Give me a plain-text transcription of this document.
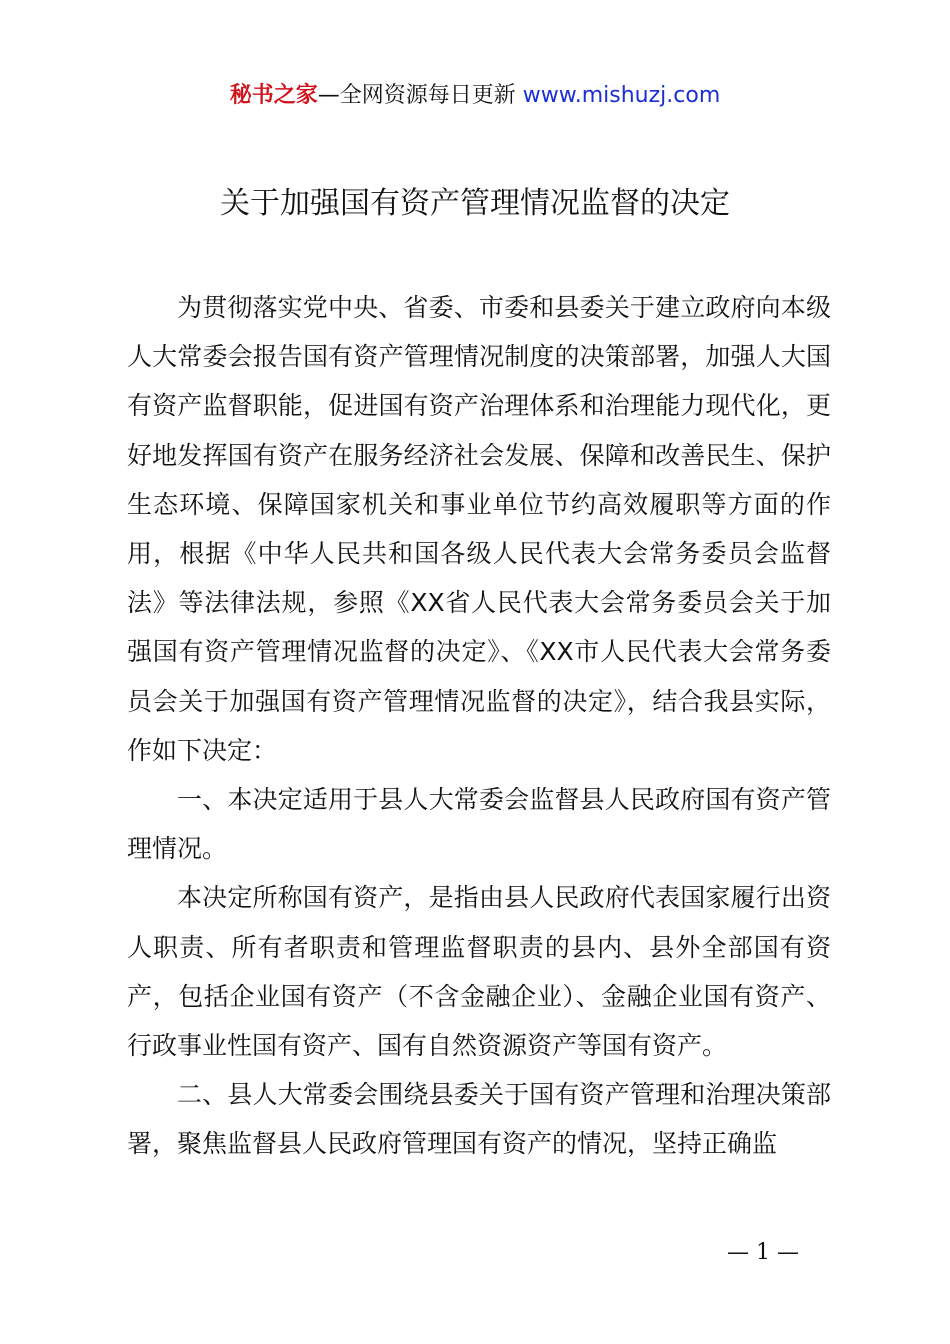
秘书之家—全网资源每日更新 www.mishuzj.com
关于加强国有资产管理情况监督的决定

为贯彻落实党中央、省委、市委和县委关于建立政府向本级人大常委会报告国有资产管理情况制度的决策部署，加强人大国有资产监督职能，促进国有资产治理体系和治理能力现代化，更好地发挥国有资产在服务经济社会发展、保障和改善民生、保护生态环境、保障国家机关和事业单位节约高效履职等方面的作用，根据《中华人民共和国各级人民代表大会常务委员会监督法》等法律法规，参照《XX省人民代表大会常务委员会关于加强国有资产管理情况监督的决定》、《XX市人民代表大会常务委员会关于加强国有资产管理情况监督的决定》，结合我县实际，作如下决定：

一、本决定适用于县人大常委会监督县人民政府国有资产管理情况。

本决定所称国有资产，是指由县人民政府代表国家履行出资人职责、所有者职责和管理监督职责的县内、县外全部国有资产，包括企业国有资产（不含金融企业）、金融企业国有资产、行政事业性国有资产、国有自然资源资产等国有资产。

二、县人大常委会围绕县委关于国有资产管理和治理决策部署，聚焦监督县人民政府管理国有资产的情况，坚持正确监

— 1 —
